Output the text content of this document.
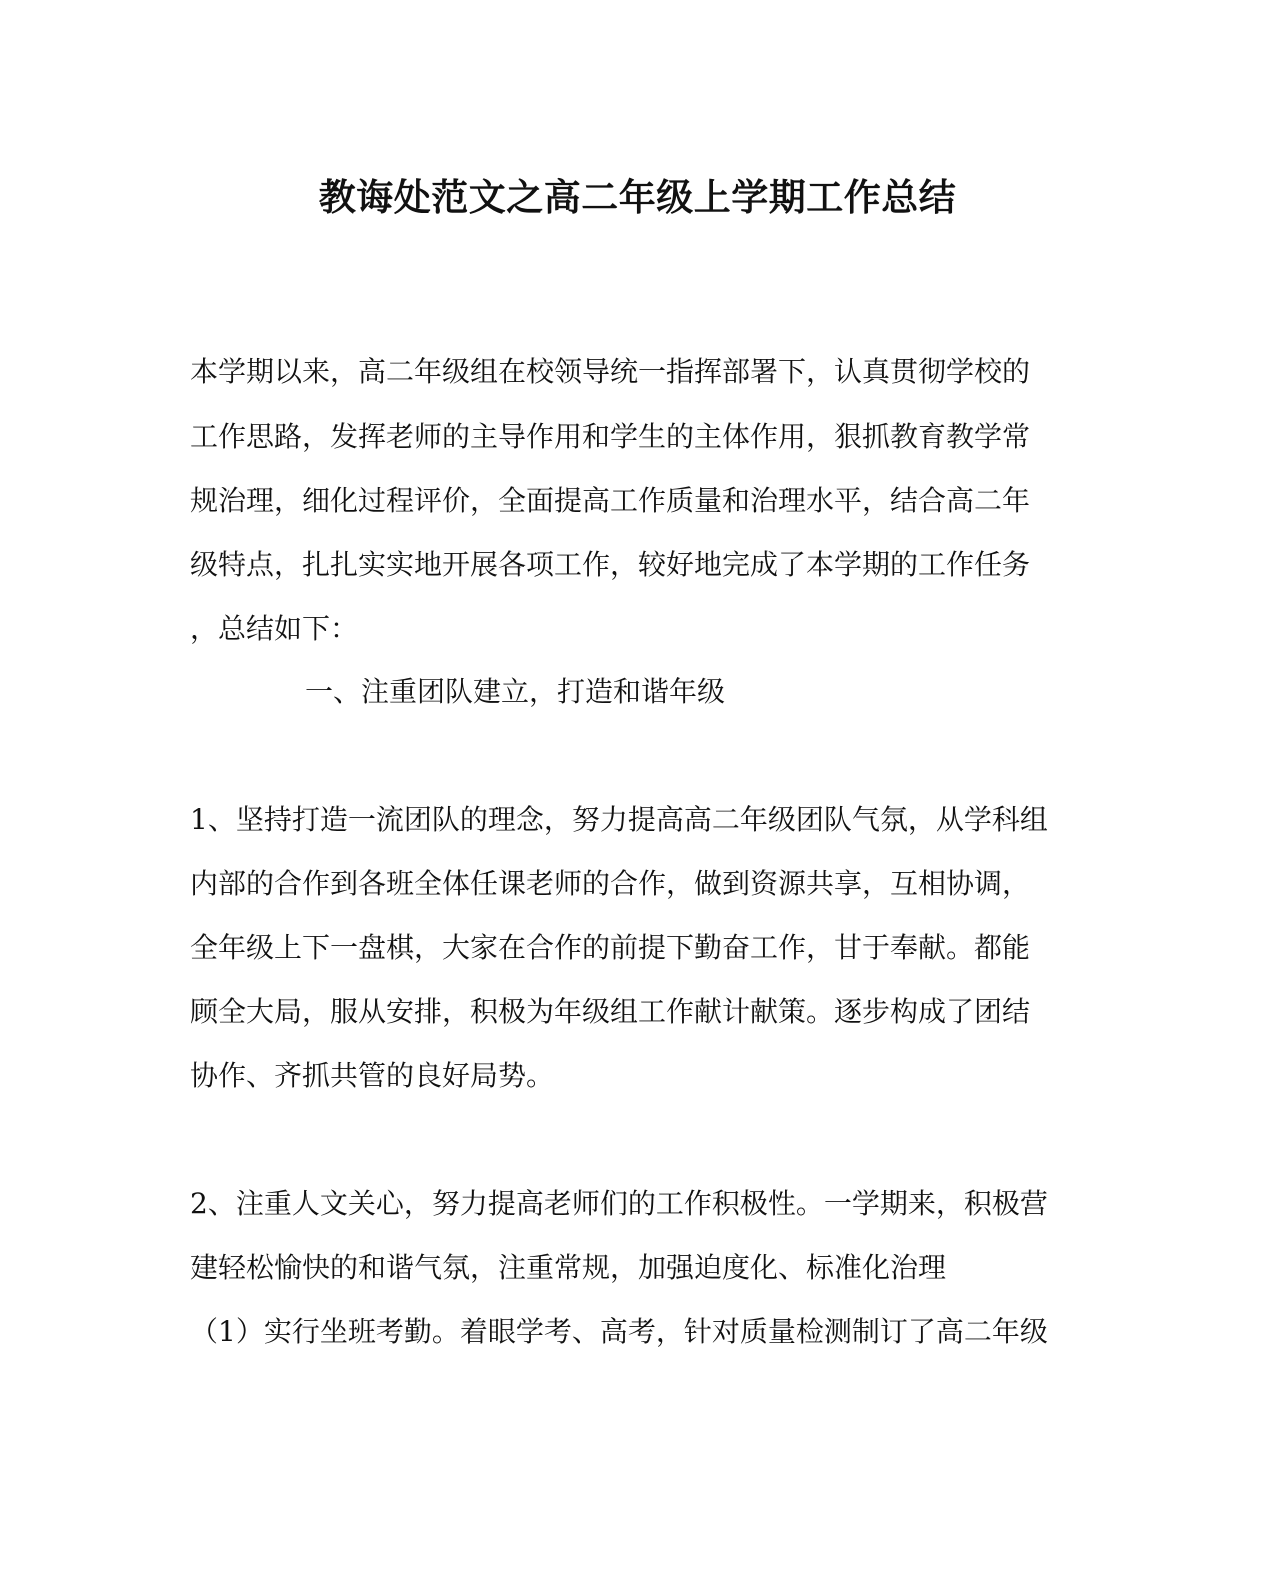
教诲处范文之高二年级上学期工作总结
本学期以来，高二年级组在校领导统一指挥部署下，认真贯彻学校的
工作思路，发挥老师的主导作用和学生的主体作用，狠抓教育教学常
规治理，细化过程评价，全面提高工作质量和治理水平，结合高二年
级特点，扎扎实实地开展各项工作，较好地完成了本学期的工作任务
，总结如下：
一、注重团队建立，打造和谐年级
1、坚持打造一流团队的理念，努力提高高二年级团队气氛，从学科组
内部的合作到各班全体任课老师的合作，做到资源共享，互相协调，
全年级上下一盘棋，大家在合作的前提下勤奋工作，甘于奉献。都能
顾全大局，服从安排，积极为年级组工作献计献策。逐步构成了团结
协作、齐抓共管的良好局势。
2、注重人文关心，努力提高老师们的工作积极性。一学期来，积极营
建轻松愉快的和谐气氛，注重常规，加强迫度化、标准化治理
（1）实行坐班考勤。着眼学考、高考，针对质量检测制订了高二年级
